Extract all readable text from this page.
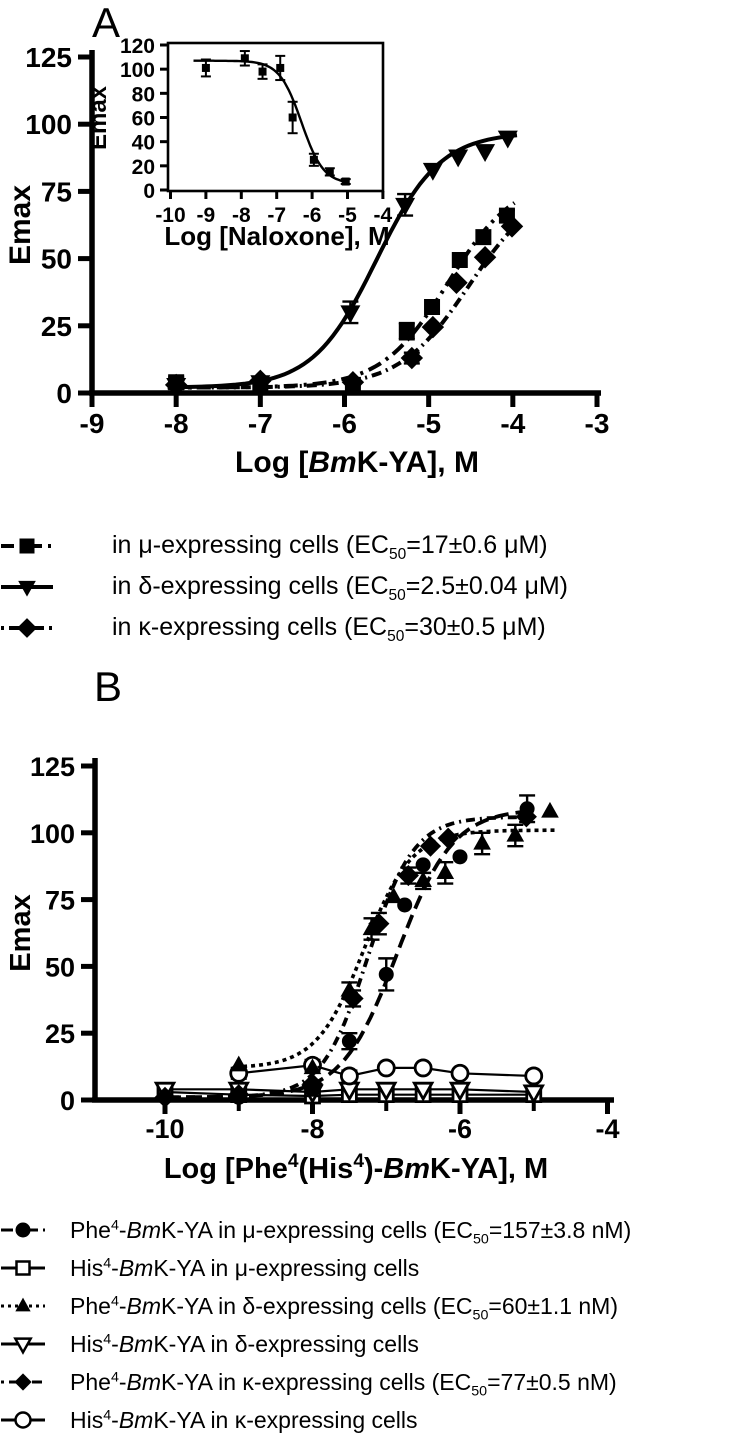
-9 -8 -7 -6 -5 -4 -3
0
25
50
75
100
125
Log [BmK-YA], M
Emax	-10 -9 -8 -7 -6 -5 -4
0
20
40
60
80
100
120
Log [Naloxone], M
Emax
A
in μ-expressing cells ($EC_{50}=17\pm 0.6$ μM)
in δ-expressing cells ($EC_{50}=2.5\pm 0.04$ μM)
in κ-expressing cells ($EC_{50}=30\pm 0.5$ μM)
-10	-8	-6	-4
0
25
50
75
100
125
Log [Phe$^4$(His$^4$)-BmK-YA], M
Emax
B
Phe$^4$-BmK-YA in μ-expressing cells ($EC_{50}=157\pm 3.8$ nM)
His$^4$-BmK-YA in μ-expressing cells
Phe$^4$-BmK-YA in δ-expressing cells ($EC_{50}=60\pm 1.1$ nM)
His$^4$-BmK-YA in δ-expressing cells
Phe$^4$-BmK-YA in κ-expressing cells ($EC_{50}=77\pm 0.5$ nM)
His$^4$-BmK-YA in κ-expressing cells
